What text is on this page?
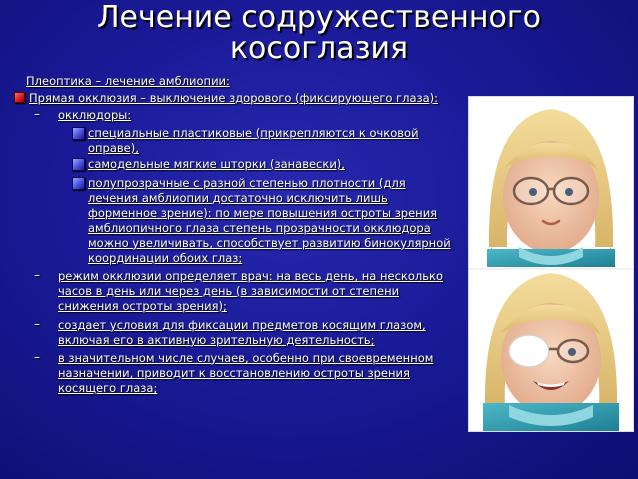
Лечение содружественного
косоглазия
Плеоптика – лечение амблиопии:
Прямая окклюзия – выключение здорового (фиксирующего глаза):
– окклюдоры:
специальные пластиковые (прикрепляются к очковой
оправе),
самодельные мягкие шторки (занавески),
полупрозрачные с разной степенью плотности (для
лечения амблиопии достаточно исключить лишь
форменное зрение): по мере повышения остроты зрения
амблиопичного глаза степень прозрачности окклюдора
можно увеличивать, способствует развитию бинокулярной
координации обоих глаз;
– режим окклюзии определяет врач: на весь день, на несколько
часов в день или через день (в зависимости от степени
снижения остроты зрения);
– создает условия для фиксации предметов косящим глазом,
включая его в активную зрительную деятельность;
– в значительном числе случаев, особенно при своевременном
назначении, приводит к восстановлению остроты зрения
косящего глаза;
